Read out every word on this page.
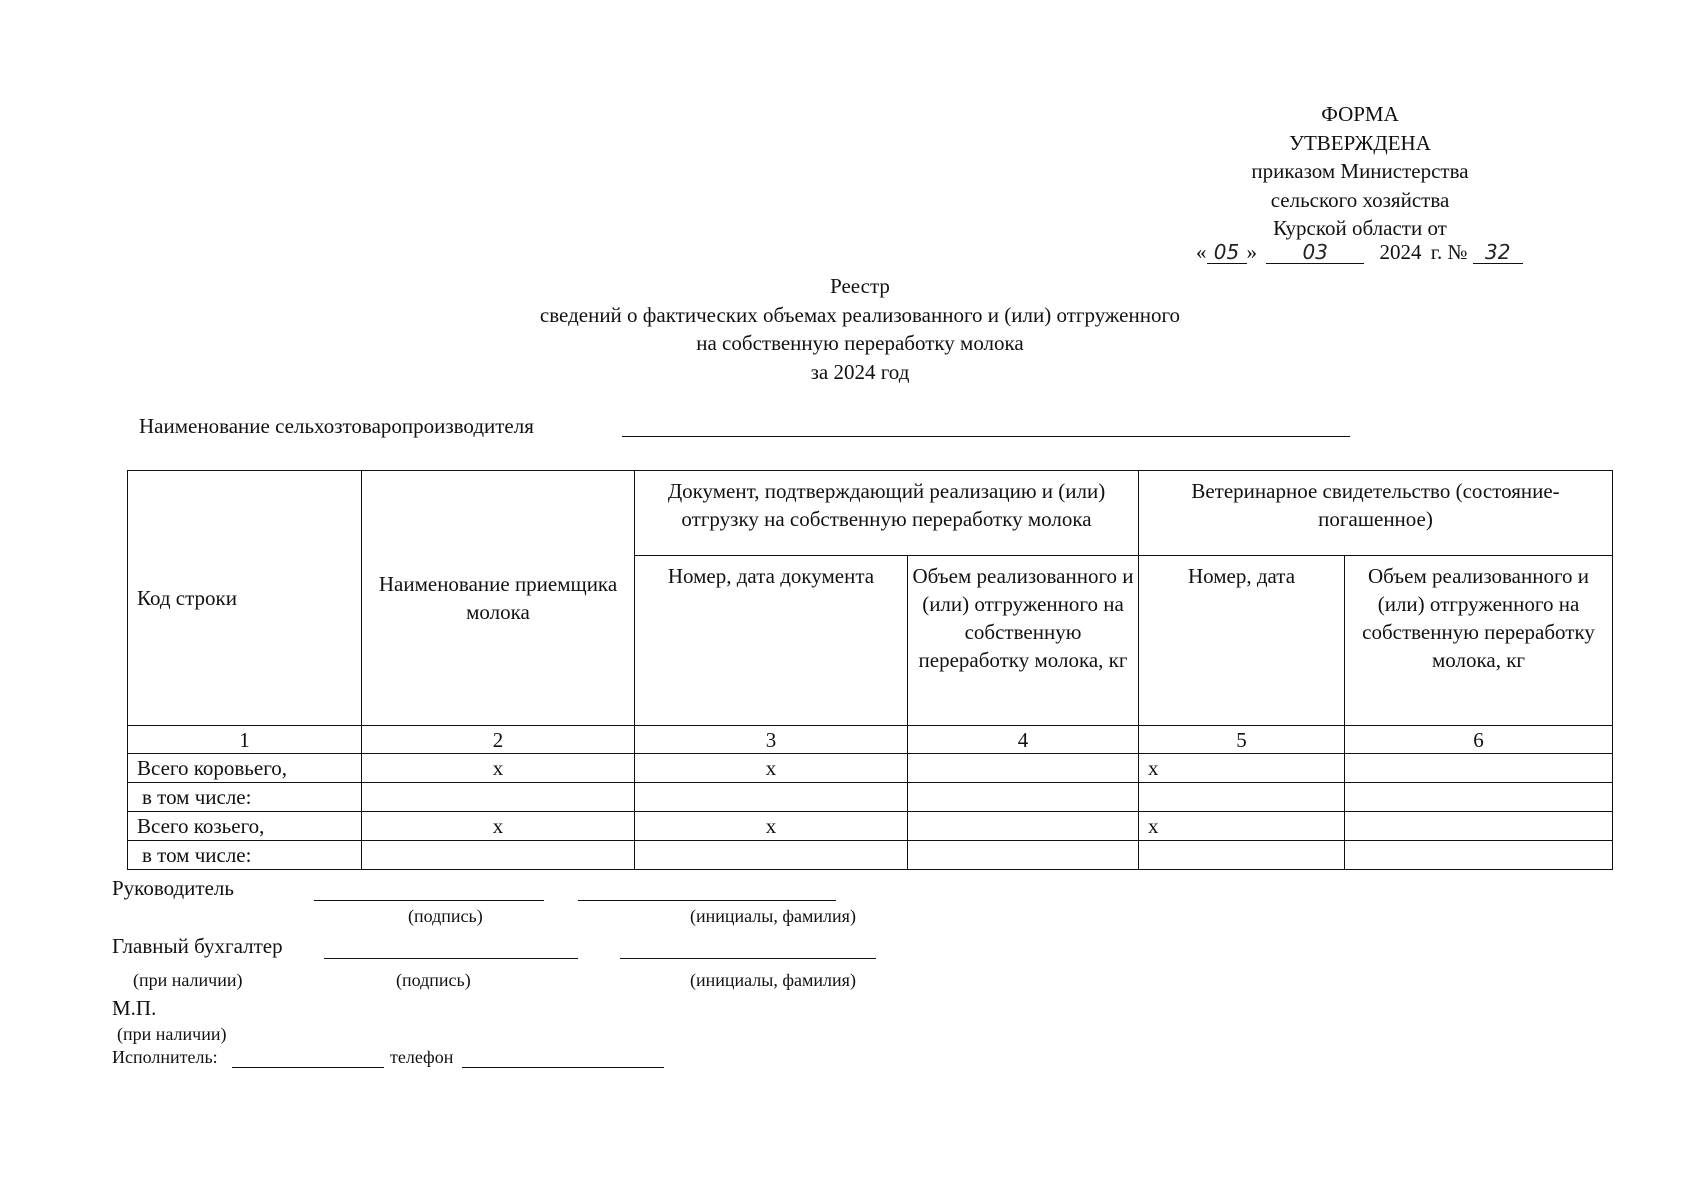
ФОРМА
УТВЕРЖДЕНА
приказом Министерства
сельского хозяйства
Курской области от
« 05 » 03 2024 г. № 32
Реестр
сведений о фактических объемах реализованного и (или) отгруженного
на собственную переработку молока
за 2024 год
Наименование сельхозтоваропроизводителя
Код строки	Наименование приемщика молока	Документ, подтверждающий реализацию и (или) отгрузку на собственную переработку молока		Ветеринарное свидетельство (состояние-погашенное)	
		Номер, дата документа	Объем реализованного и (или) отгруженного на собственную переработку молока, кг	Номер, дата	Объем реализованного и (или) отгруженного на собственную переработку молока, кг
1	2	3	4	5	6
Всего коровьего,	х	х		х	
в том числе:					
Всего козьего,	х	х		х	
в том числе:					
Руководитель
(подпись)	(инициалы, фамилия)
Главный бухгалтер
(при наличии)	(подпись)	(инициалы, фамилия)
М.П.
(при наличии)
Исполнитель:	телефон
